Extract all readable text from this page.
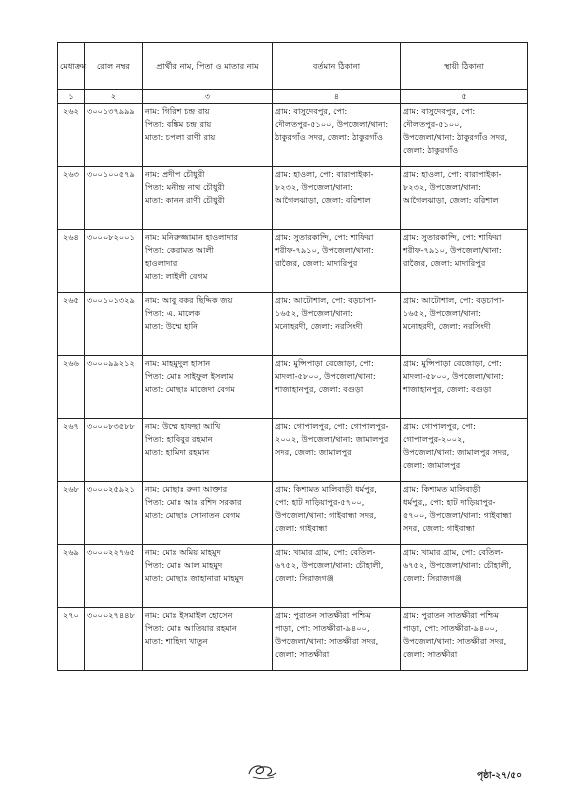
মেধাক্রম	রোল নম্বর	প্রার্থীর নাম, পিতা ও মাতার নাম	বর্তমান ঠিকানা	স্থায়ী ঠিকানা
১	২	৩	৪	৫
২৬২	৩০০১৩৭৯৯৯	নাম: গিরিশ চন্দ্র রায়
পিতা: বঙ্কিম চন্দ্র রায়
মাতা: চপলা রাণী রায়	গ্রাম: বাসুদেবপুর, পো:
দৌলতপুর-৫১০০, উপজেলা/থানা:
ঠাকুরগাঁও সদর, জেলা: ঠাকুরগাঁও	গ্রাম: বাসুদেবপুর, পো:
দৌলতপুর-৫১০০,
উপজেলা/থানা: ঠাকুরগাঁও সদর,
জেলা: ঠাকুরগাঁও

২৬৩	৩০০১০০৫৭৯	নাম: প্রদীপ চৌধুরী
পিতা: মনীন্দ্র নাথ চৌধুরী
মাতা: কানন রাণী চৌধুরী	গ্রাম: হাওলা, পো: বারাপাইকা-
৮২৩২, উপজেলা/থানা:
আগৈলঝাড়া, জেলা: বরিশাল	গ্রাম: হাওলা, পো: বারাপাইকা-
৮২৩২, উপজেলা/থানা:
আগৈলঝাড়া, জেলা: বরিশাল

২৬৪	৩০০০৮২০০১	নাম: মনিরুজ্জামান হাওলাদার
পিতা: কেরামত আলী
হাওলাদার
মাতা: লাইলী বেগম	গ্রাম: সুতারকান্দি, পো: শাফিয়া
শরীফ-৭৯১০, উপজেলা/থানা:
রাজৈর, জেলা: মাদারিপুর	গ্রাম: সুতারকান্দি, পো: শাফিয়া
শরীফ-৭৯১০, উপজেলা/থানা:
রাজৈর, জেলা: মাদারিপুর

২৬৫	৩০০১০১৩২৯	নাম: আবু বকর ছিদ্দিক জয়
পিতা: এ. মালেক
মাতা: উম্মে হানি	গ্রাম: আটোশাল, পো: বড়চাপা-
১৬৫২, উপজেলা/থানা:
মনোহরদী, জেলা: নরসিংদী	গ্রাম: আটোশাল, পো: বড়চাপা-
১৬৫২, উপজেলা/থানা:
মনোহরদী, জেলা: নরসিংদী

২৬৬	৩০০০৯৯২১২	নাম: মাহমুদুল হাসান
পিতা: মোঃ সাইফুল ইসলাম
মাতা: মোছাঃ মাজেদা বেগম	গ্রাম: মুন্সিপাড়া বেজোড়া, পো:
মাদলা-৫৮০০, উপজেলা/থানা:
শাজাহানপুর, জেলা: বগুড়া	গ্রাম: মুন্সিপাড়া বেজোড়া, পো:
মাদলা-৫৮০০, উপজেলা/থানা:
শাজাহানপুর, জেলা: বগুড়া

২৬৭	৩০০০৮৩৫৮৮	নাম: উম্মে হাফছা আখি
পিতা: হাবিবুর রহমান
মাতা: হামিদা রহমান	গ্রাম: গোপালপুর, পো: গোপালপুর-
২০০২, উপজেলা/থানা: জামালপুর
সদর, জেলা: জামালপুর	গ্রাম: গোপালপুর, পো:
গোপালপুর-২০০২,
উপজেলা/থানা: জামালপুর সদর,
জেলা: জামালপুর

২৬৮	৩০০০২৫৯২১	নাম: মোছাঃ রুনা আক্তার
পিতা: মোঃ আঃ রশিদ সরকার
মাতা: মোছাঃ সোনাতন বেগম	গ্রাম: কিশামত মালিবাড়ী ধর্মপুর,
পো: হাট দাড়িয়াপুর-৫৭০০,
উপজেলা/থানা: গাইবান্ধা সদর,
জেলা: গাইবান্ধা	গ্রাম: কিশামত মালিবাড়ী
ধর্মপুর,, পো: হাট দাড়িয়াপুর-
৫৭০০, উপজেলা/থানা: গাইবান্ধা
সদর, জেলা: গাইবান্ধা

২৬৯	৩০০০২২৭৬৫	নাম: মোঃ অমিয় মাহমুদ
পিতা: মোঃ আল মাহমুদ
মাতা: মোছাঃ জাহানারা মাহমুদ	গ্রাম: খামার গ্রাম, পো: বেতিল-
৬৭৫২, উপজেলা/থানা: চৌহালী,
জেলা: সিরাজগঞ্জ	গ্রাম: খামার গ্রাম, পো: বেতিল-
৬৭৫২, উপজেলা/থানা: চৌহালী,
জেলা: সিরাজগঞ্জ

২৭০	৩০০০২৭৪৪৮	নাম: মোঃ ইসমাইল হোসেন
পিতা: মোঃ আতিয়ার রহমান
মাতা: শাহিদা খাতুন	গ্রাম: পুরাতন সাতক্ষীরা পশ্চিম
পাড়া, পো: সাতক্ষীরা-৯৪০০,
উপজেলা/থানা: সাতক্ষীরা সদর,
জেলা: সাতক্ষীরা	গ্রাম: পুরাতন সাতক্ষীরা পশ্চিম
পাড়া, পো: সাতক্ষীরা-৯৪০০,
উপজেলা/থানা: সাতক্ষীরা সদর,
জেলা: সাতক্ষীরা
পৃষ্ঠা-২৭/৫০
